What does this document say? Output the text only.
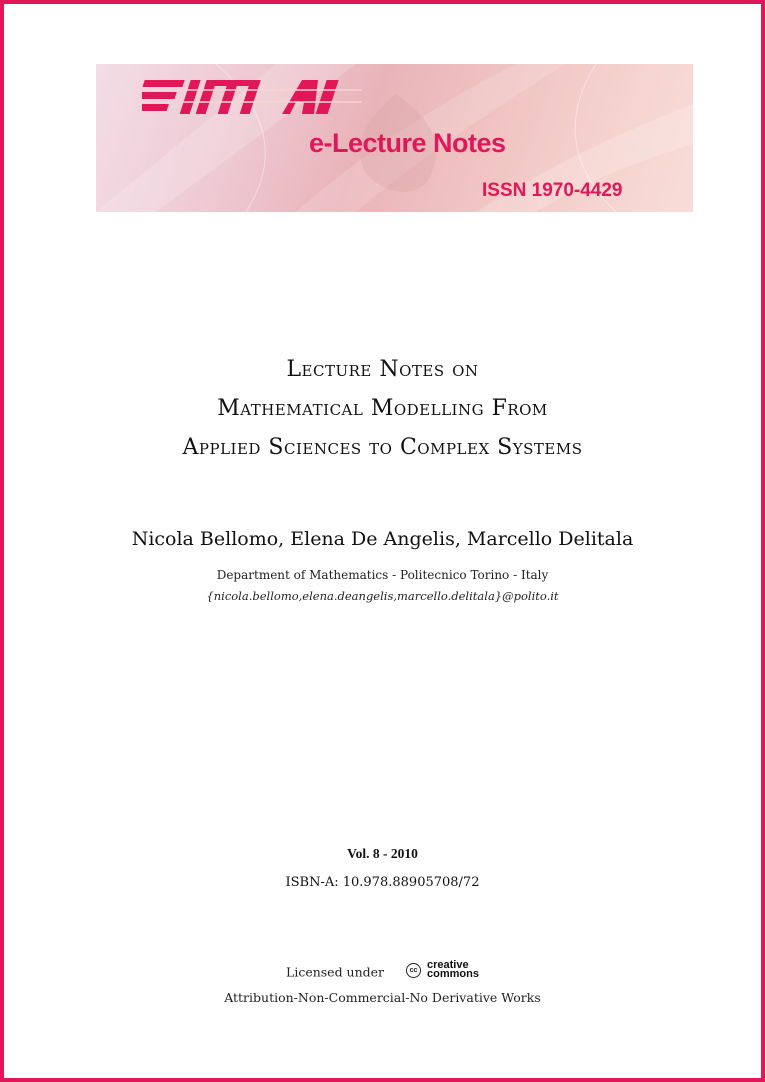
SIMAI
e-Lecture Notes
ISSN 1970-4429
Lecture Notes on
Mathematical Modelling From
Applied Sciences to Complex Systems
Nicola Bellomo, Elena De Angelis, Marcello Delitala
Department of Mathematics - Politecnico Torino - Italy
{nicola.bellomo,elena.deangelis,marcello.delitala}@polito.it
Vol. 8 - 2010
ISBN-A: 10.978.88905708/72
Licensed under	cc creative
commons
Attribution-Non-Commercial-No Derivative Works
